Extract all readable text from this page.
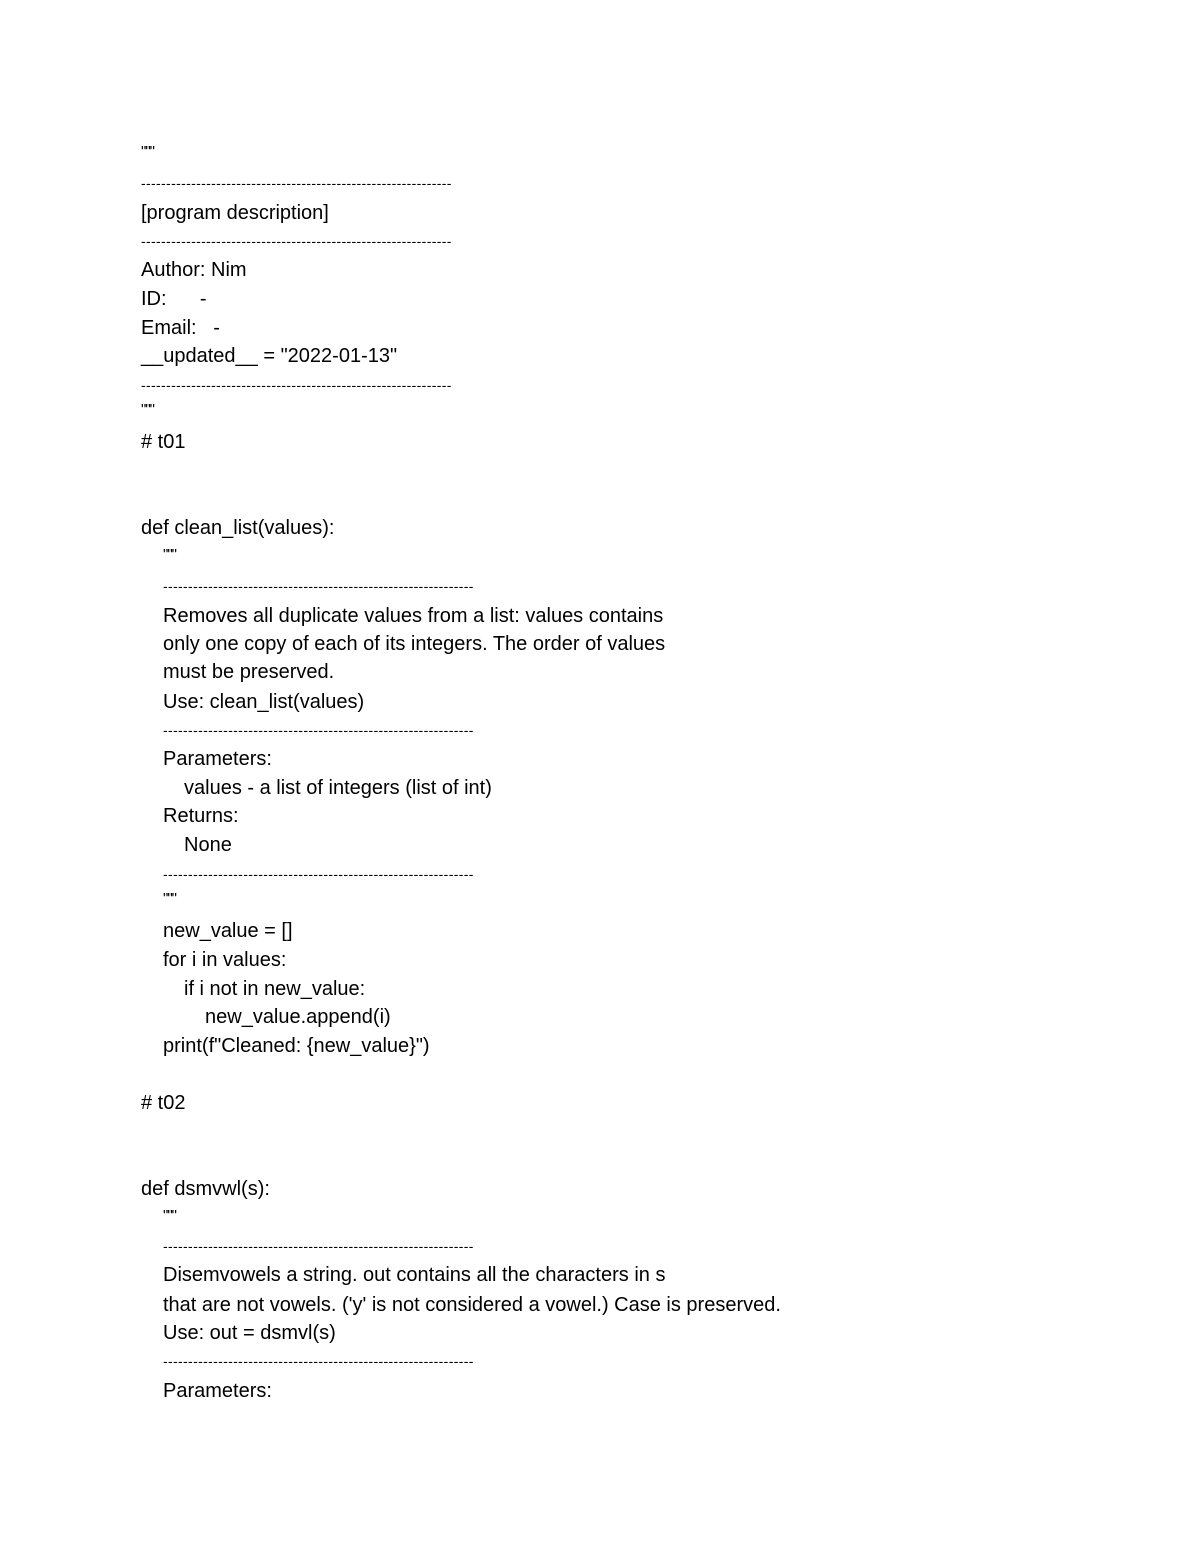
"""
--------------------------------------------------------------
[program description]
--------------------------------------------------------------
Author: Nim
ID:      -
Email:   -
__updated__ = "2022-01-13"
--------------------------------------------------------------
"""
# t01
def clean_list(values):
"""
--------------------------------------------------------------
Removes all duplicate values from a list: values contains
only one copy of each of its integers. The order of values
must be preserved.
Use: clean_list(values)
--------------------------------------------------------------
Parameters:
values - a list of integers (list of int)
Returns:
None
--------------------------------------------------------------
"""
new_value = []
for i in values:
if i not in new_value:
new_value.append(i)
print(f"Cleaned: {new_value}")
# t02
def dsmvwl(s):
"""
--------------------------------------------------------------
Disemvowels a string. out contains all the characters in s
that are not vowels. ('y' is not considered a vowel.) Case is preserved.
Use: out = dsmvl(s)
--------------------------------------------------------------
Parameters:
